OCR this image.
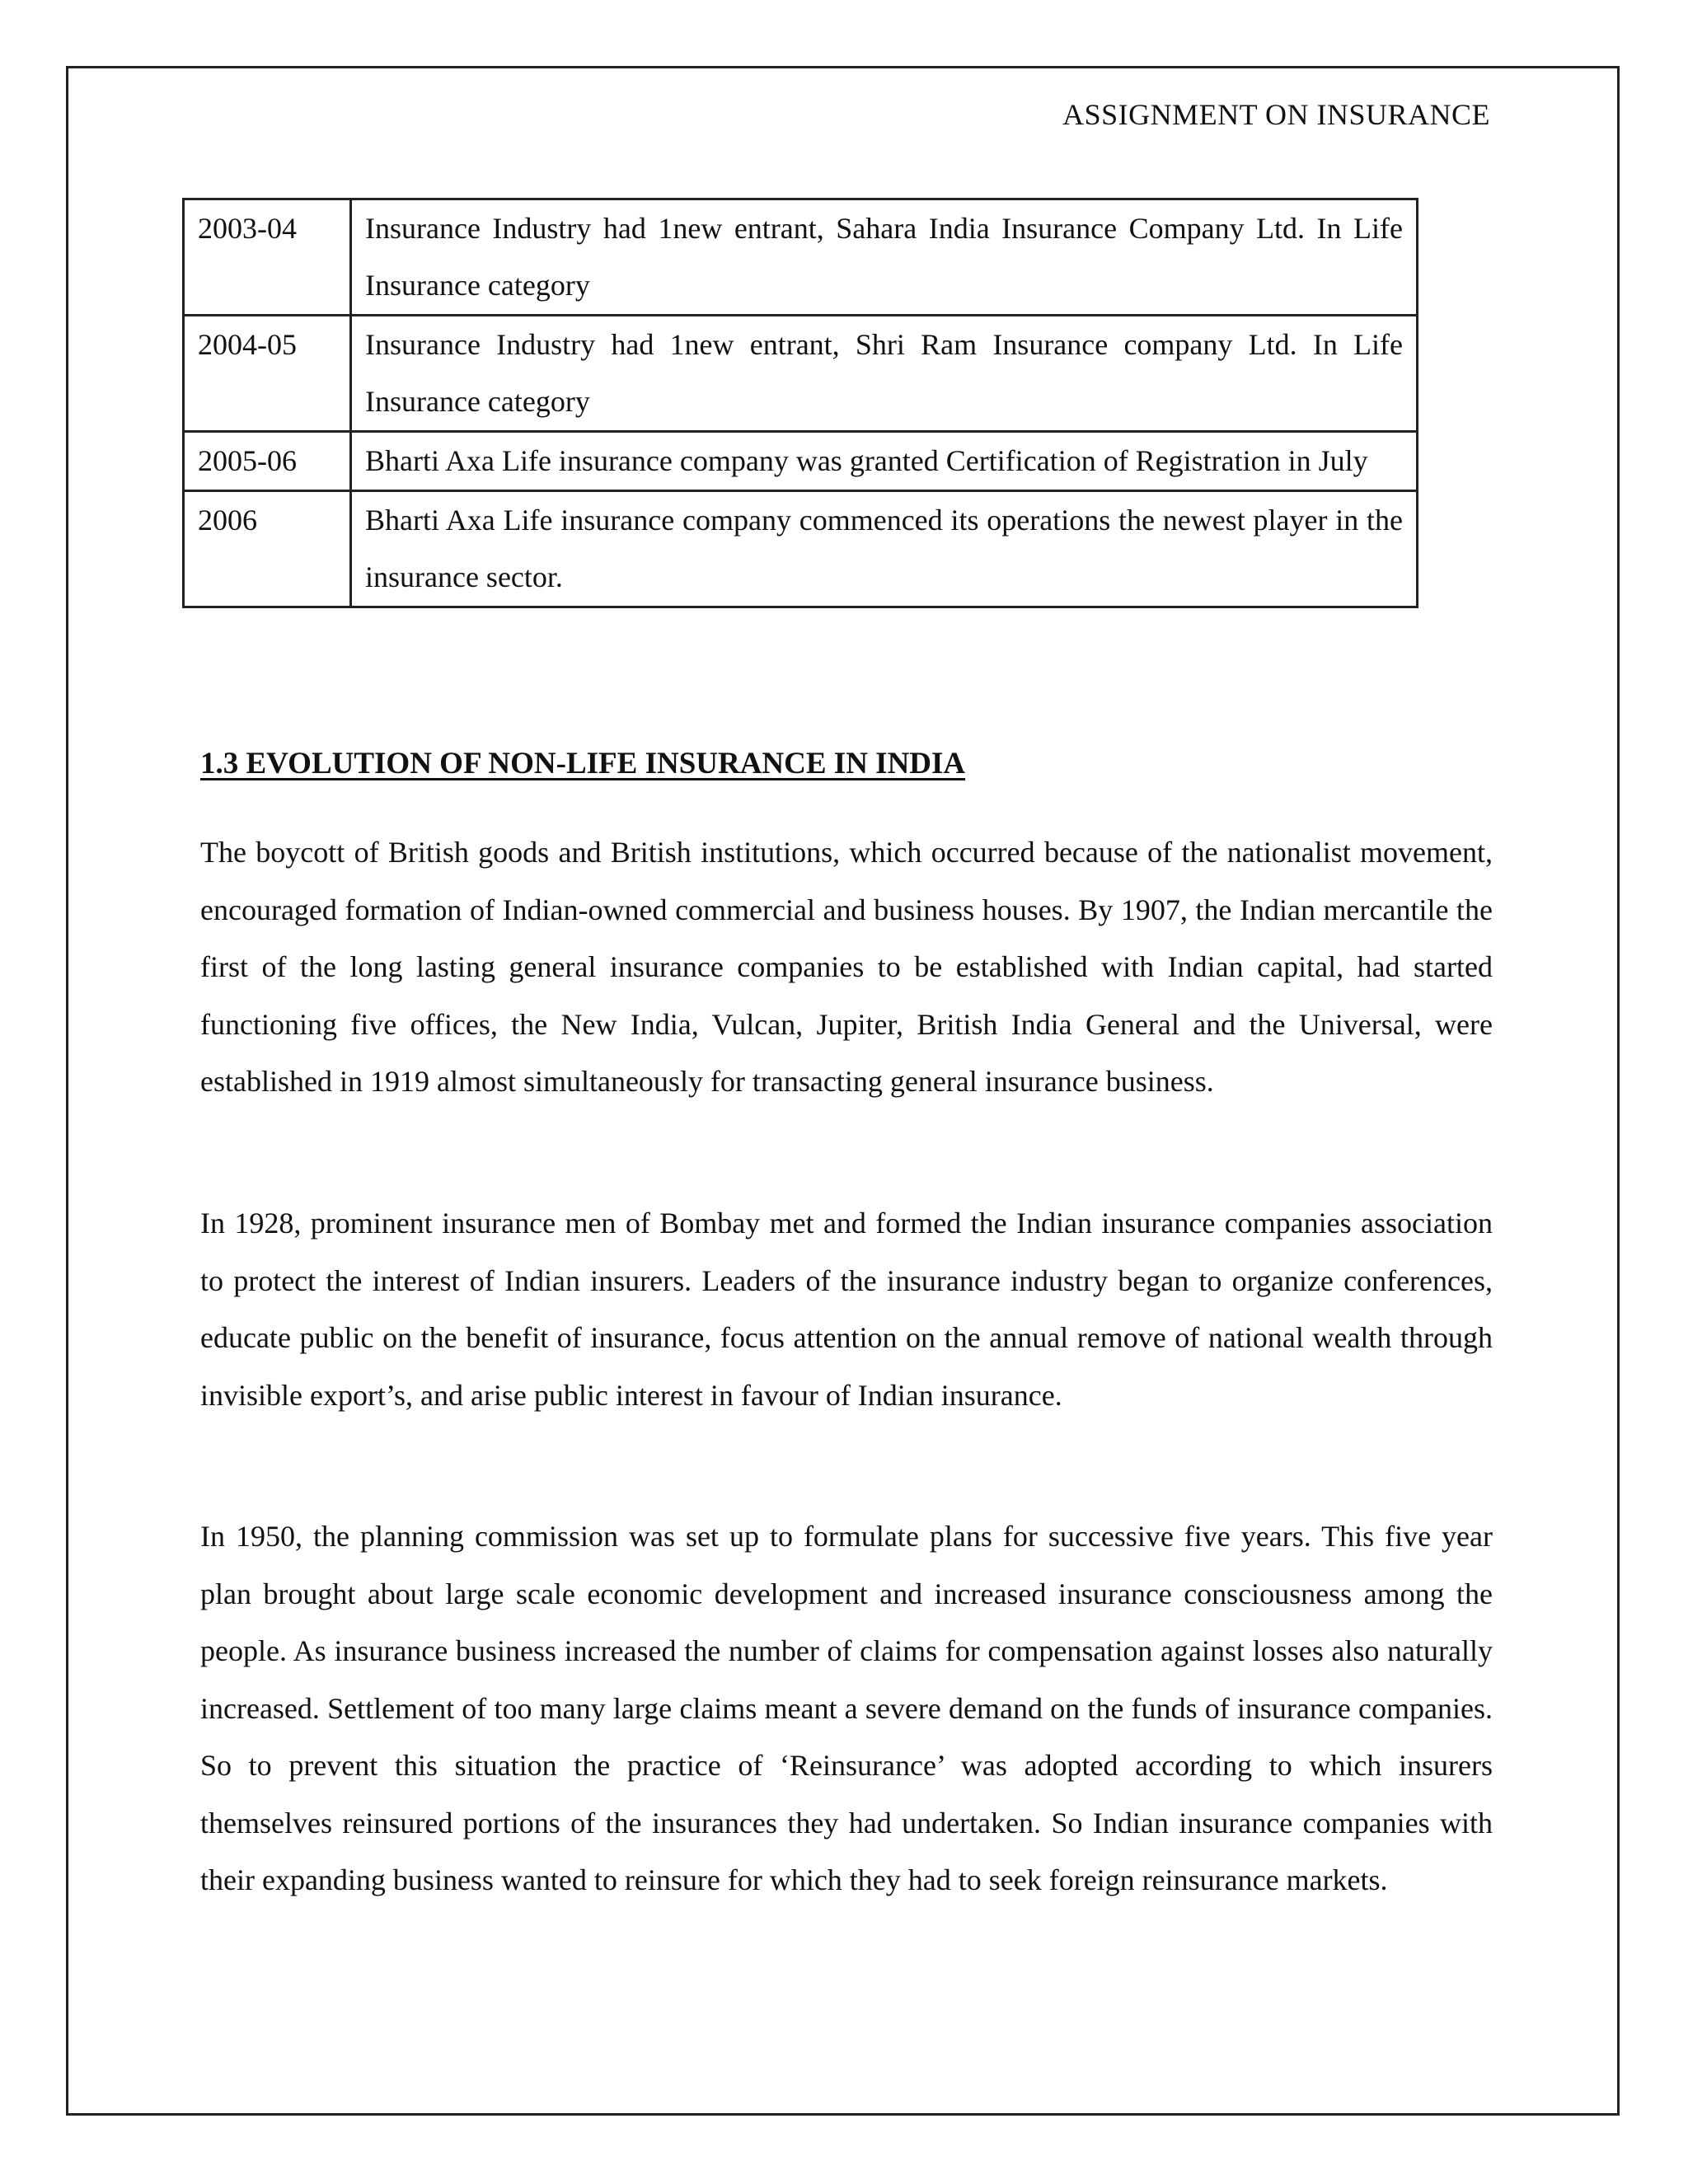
ASSIGNMENT ON INSURANCE
2003-04	Insurance Industry had 1new entrant, Sahara India Insurance Company Ltd. In Life Insurance category
2004-05	Insurance Industry had 1new entrant, Shri Ram Insurance company Ltd. In Life Insurance category
2005-06	Bharti Axa Life insurance company was granted Certification of Registration in July
2006	Bharti Axa Life insurance company commenced its operations the newest player in the insurance sector.
1.3 EVOLUTION OF NON-LIFE INSURANCE IN INDIA

The boycott of British goods and British institutions, which occurred because of the nationalist movement, encouraged formation of Indian-owned commercial and business houses. By 1907, the Indian mercantile the first of the long lasting general insurance companies to be established with Indian capital, had started functioning five offices, the New India, Vulcan, Jupiter, British India General and the Universal, were established in 1919 almost simultaneously for transacting general insurance business.

In 1928, prominent insurance men of Bombay met and formed the Indian insurance companies association to protect the interest of Indian insurers. Leaders of the insurance industry began to organize conferences, educate public on the benefit of insurance, focus attention on the annual remove of national wealth through invisible export’s, and arise public interest in favour of Indian insurance.

In 1950, the planning commission was set up to formulate plans for successive five years. This five year plan brought about large scale economic development and increased insurance consciousness among the people. As insurance business increased the number of claims for compensation against losses also naturally increased. Settlement of too many large claims meant a severe demand on the funds of insurance companies. So to prevent this situation the practice of ‘Reinsurance’ was adopted according to which insurers themselves reinsured portions of the insurances they had undertaken. So Indian insurance companies with their expanding business wanted to reinsure for which they had to seek foreign reinsurance markets.
